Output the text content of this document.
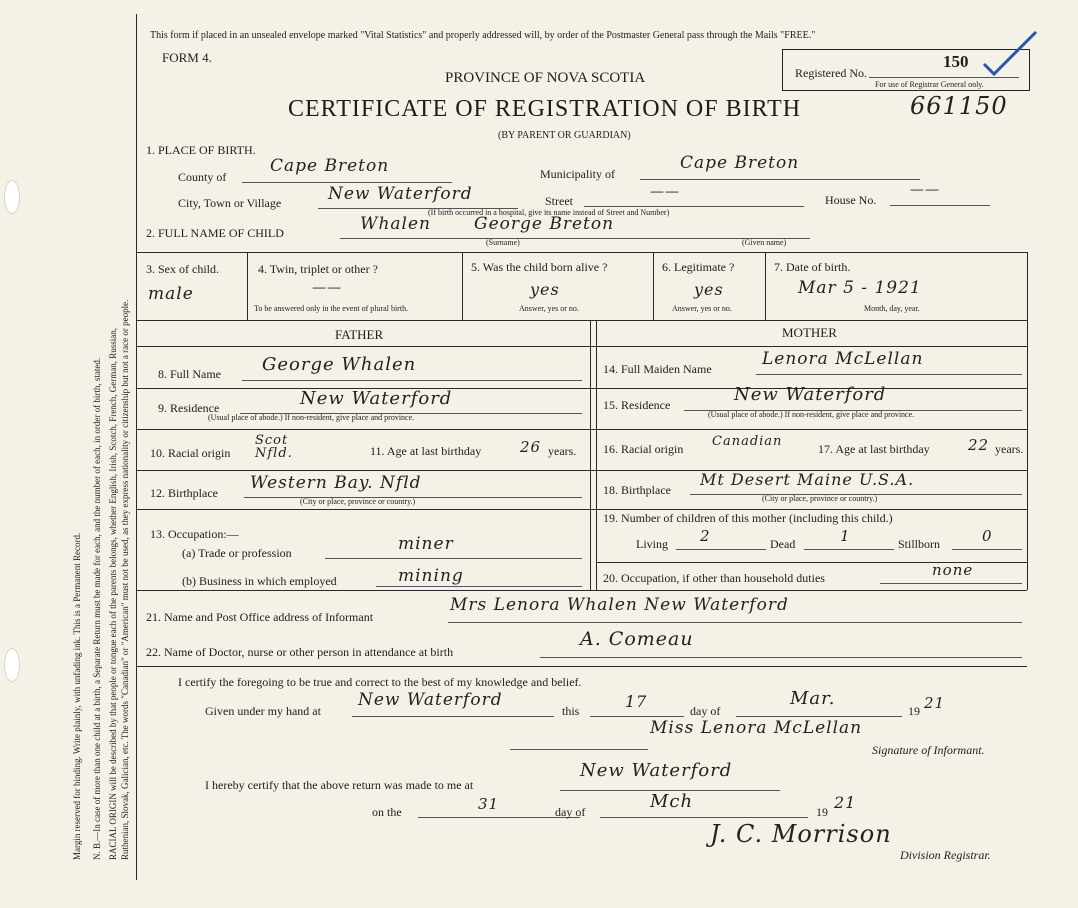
Margin reserved for binding. Write plainly, with unfading ink. This is a Permanent Record. N. B.—In case of more than one child at a birth, a Separate Return must be made for each, and the number of each, in order of birth, stated. RACIAL ORIGIN will be described by that people or tongue each of the parents belongs, whether English, Irish, Scotch, French, German, Russian, Ruthenian, Slovak, Galician, etc. The words "Canadian" or "American" must not be used, as they express nationality or citizenship but not a race or people.
This form if placed in an unsealed envelope marked "Vital Statistics" and properly addressed will, by order of the Postmaster General pass through the Mails "FREE."
FORM 4.
PROVINCE OF NOVA SCOTIA
CERTIFICATE OF REGISTRATION OF BIRTH
(BY PARENT OR GUARDIAN)
Registered No.
150
For use of Registrar General only.
661150
1. PLACE OF BIRTH.
County of
Cape Breton	Municipality of
Cape Breton
City, Town or Village	New Waterford	Street
——	House No.
——
(If birth occurred in a hospital, give its name instead of Street and Number)
2. FULL NAME OF CHILD	Whalen	George Breton
(Surname)	(Given name)
3. Sex of child.
male
4. Twin, triplet or other ?
——
To be answered only in the event of plural birth.
5. Was the child born alive ?
yes
Answer, yes or no.
6. Legitimate ?
yes
Answer, yes or no.
7. Date of birth.
Mar 5 - 1921
Month, day, year.
FATHER	MOTHER
8. Full Name George Whalen
9. Residence	New Waterford
(Usual place of abode.) If non-resident, give place and province.
10. Racial origin
Scot Nfld.	11. Age at last birthday	26 years.
12. Birthplace Western Bay. Nfld
(City or place, province or country.)
13. Occupation:—
(a) Trade or profession	miner
(b) Business in which employed	mining
14. Full Maiden Name	Lenora McLellan
15. Residence	New Waterford
(Usual place of abode.) If non-resident, give place and province.
16. Racial origin Canadian	17. Age at last birthday	22 years.
18. Birthplace
Mt Desert Maine U.S.A.
(City or place, province or country.)
19. Number of children of this mother (including this child.)
Living 2	Dead	1	Stillborn	0
20. Occupation, if other than household duties	none
21. Name and Post Office address of Informant
Mrs Lenora Whalen New Waterford
22. Name of Doctor, nurse or other person in attendance at birth
A. Comeau
I certify the foregoing to be true and correct to the best of my knowledge and belief.
Given under my hand at
New Waterford
this	17	day of
Mar.
19 21
Miss Lenora McLellan
Signature of Informant.
I hereby certify that the above return was made to me at
New Waterford
on the	31	day of	Mch	19 21
J. C. Morrison
Division Registrar.
